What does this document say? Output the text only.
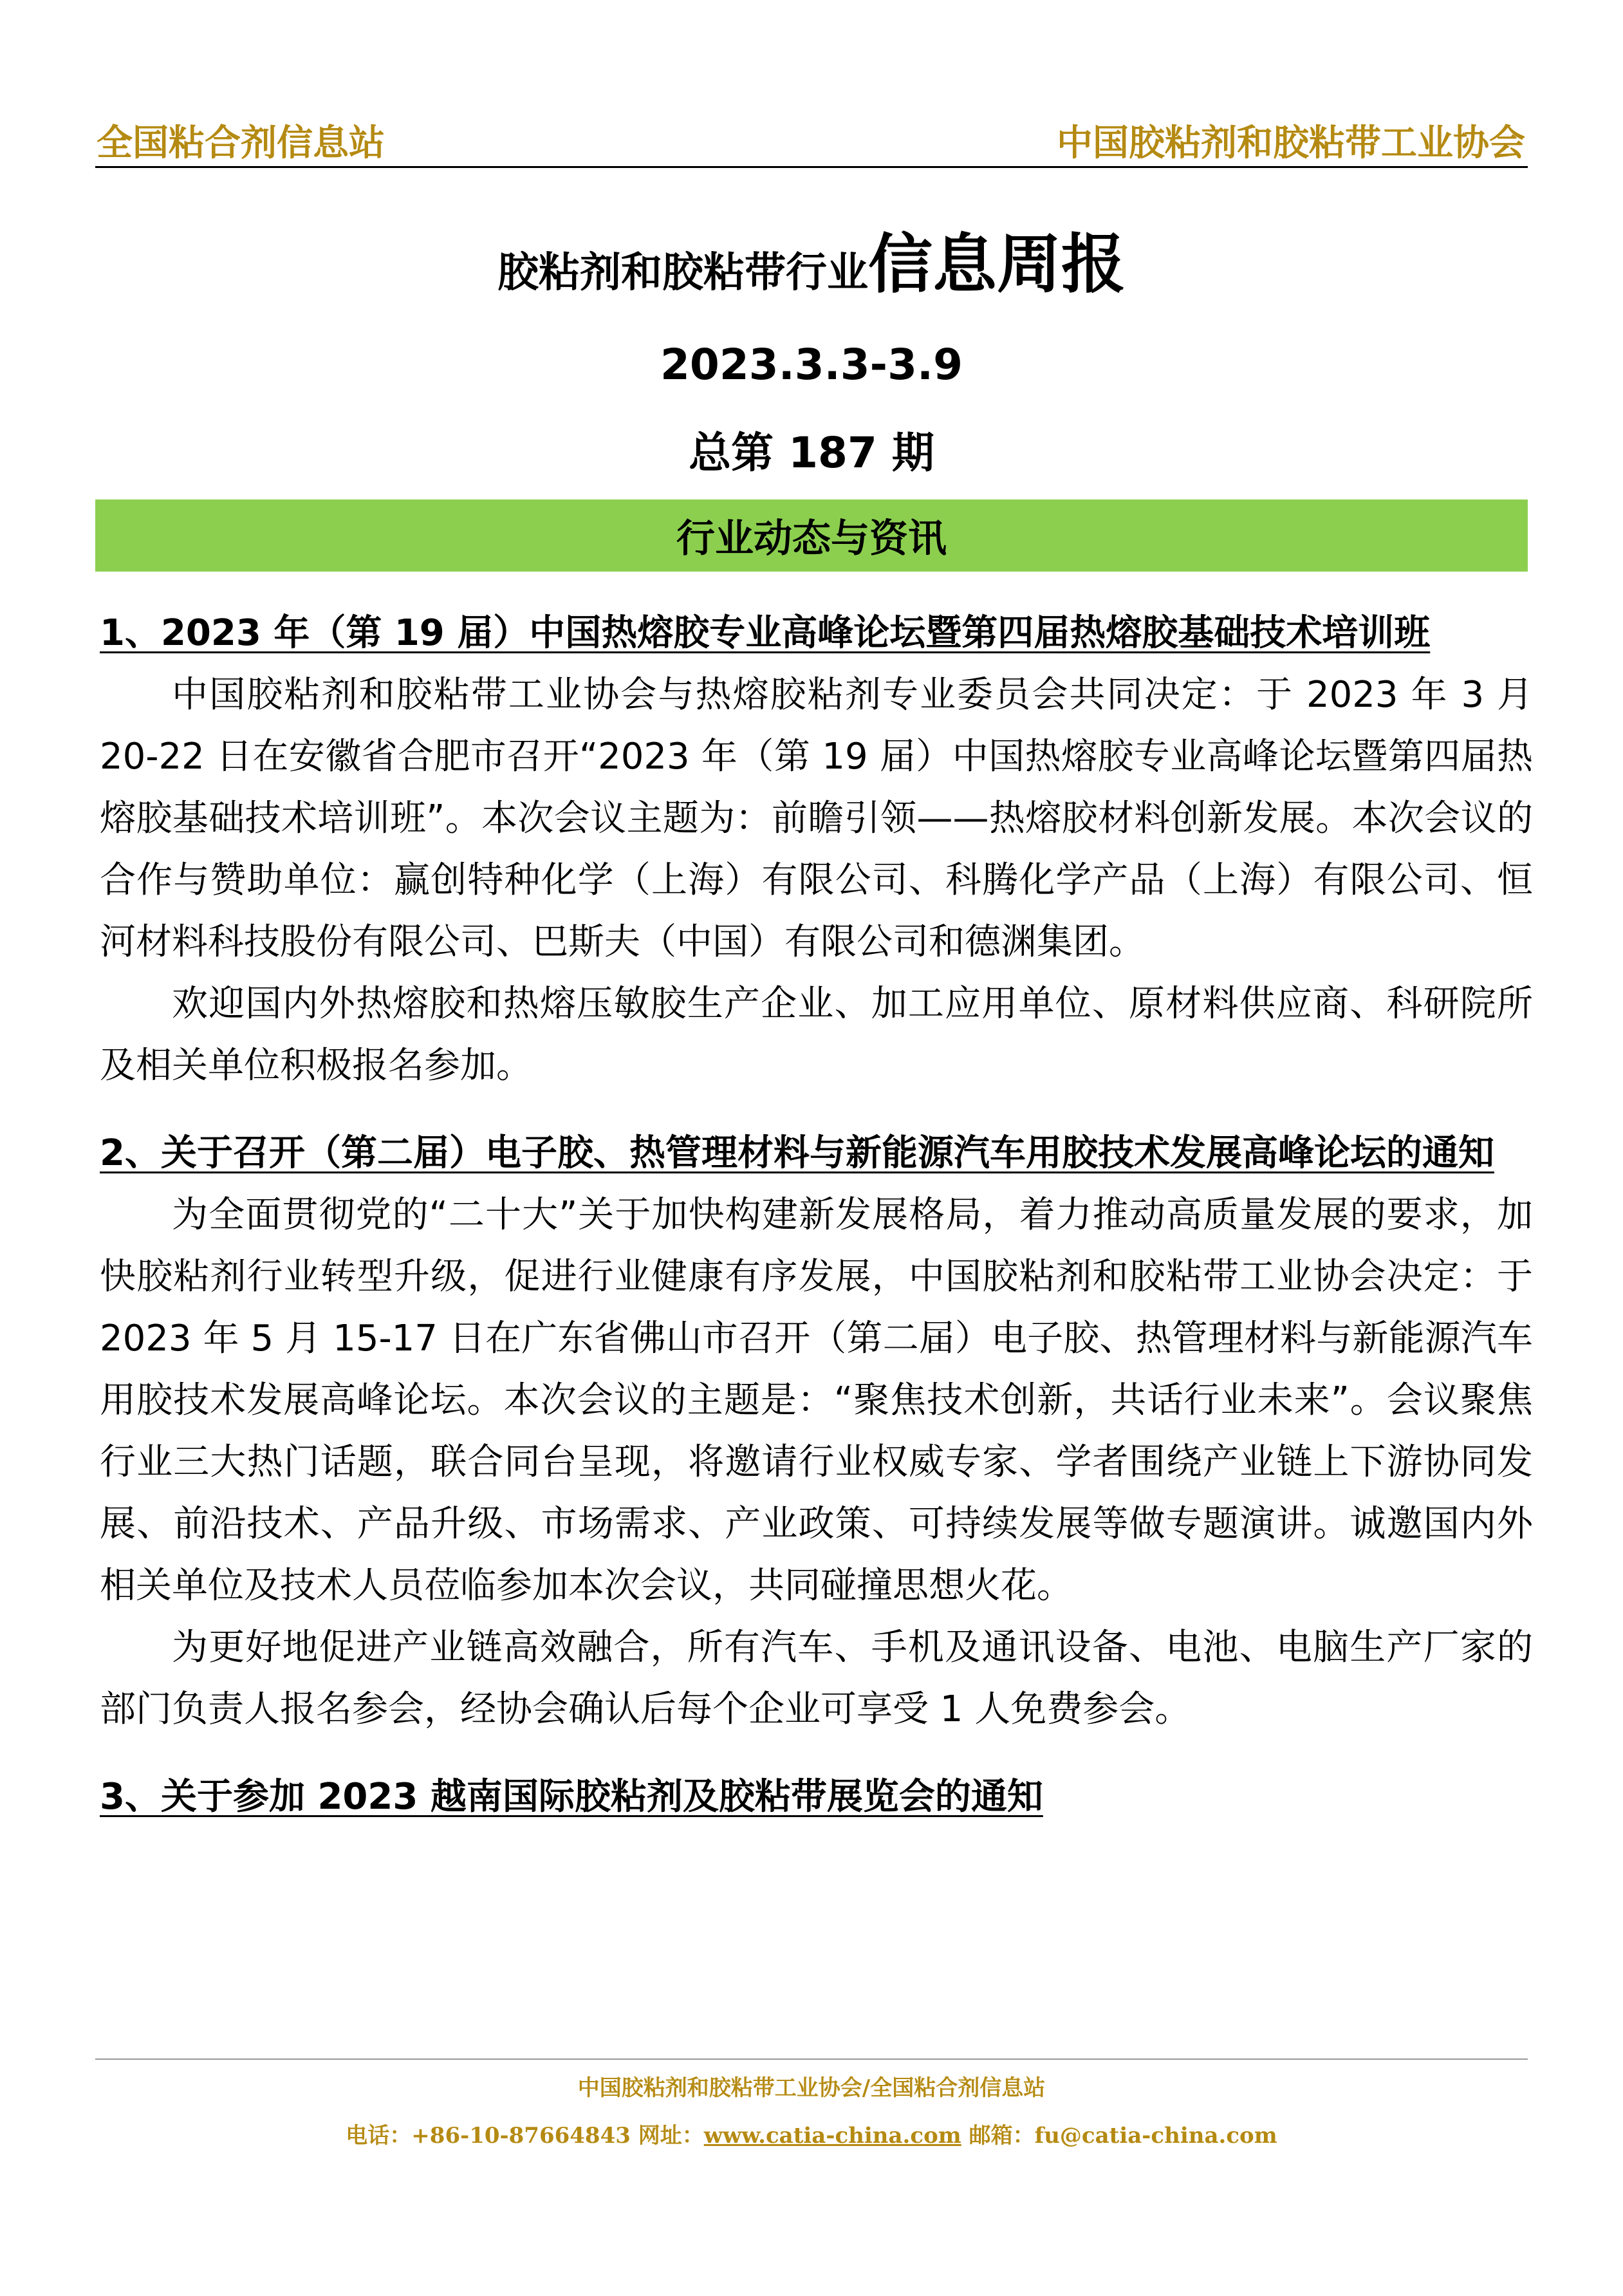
全国粘合剂信息站	中国胶粘剂和胶粘带工业协会
胶粘剂和胶粘带行业信息周报
2023.3.3-3.9
总第 187 期
行业动态与资讯
1、2023 年（第 19 届）中国热熔胶专业高峰论坛暨第四届热熔胶基础技术培训班

中国胶粘剂和胶粘带工业协会与热熔胶粘剂专业委员会共同决定：于 2023 年 3 月 20-22 日在安徽省合肥市召开“2023 年（第 19 届）中国热熔胶专业高峰论坛暨第四届热熔胶基础技术培训班”。本次会议主题为：前瞻引领——热熔胶材料创新发展。本次会议的合作与赞助单位：赢创特种化学（上海）有限公司、科腾化学产品（上海）有限公司、恒河材料科技股份有限公司、巴斯夫（中国）有限公司和德渊集团。

欢迎国内外热熔胶和热熔压敏胶生产企业、加工应用单位、原材料供应商、科研院所及相关单位积极报名参加。

2、关于召开（第二届）电子胶、热管理材料与新能源汽车用胶技术发展高峰论坛的通知

为全面贯彻党的“二十大”关于加快构建新发展格局，着力推动高质量发展的要求，加快胶粘剂行业转型升级，促进行业健康有序发展，中国胶粘剂和胶粘带工业协会决定：于 2023 年 5 月 15-17 日在广东省佛山市召开（第二届）电子胶、热管理材料与新能源汽车用胶技术发展高峰论坛。本次会议的主题是：“聚焦技术创新，共话行业未来”。会议聚焦行业三大热门话题，联合同台呈现，将邀请行业权威专家、学者围绕产业链上下游协同发展、前沿技术、产品升级、市场需求、产业政策、可持续发展等做专题演讲。诚邀国内外相关单位及技术人员莅临参加本次会议，共同碰撞思想火花。

为更好地促进产业链高效融合，所有汽车、手机及通讯设备、电池、电脑生产厂家的部门负责人报名参会，经协会确认后每个企业可享受 1 人免费参会。

3、关于参加 2023 越南国际胶粘剂及胶粘带展览会的通知
中国胶粘剂和胶粘带工业协会/全国粘合剂信息站
电话：+86-10-87664843 网址：www.catia-china.com 邮箱：fu@catia-china.com
